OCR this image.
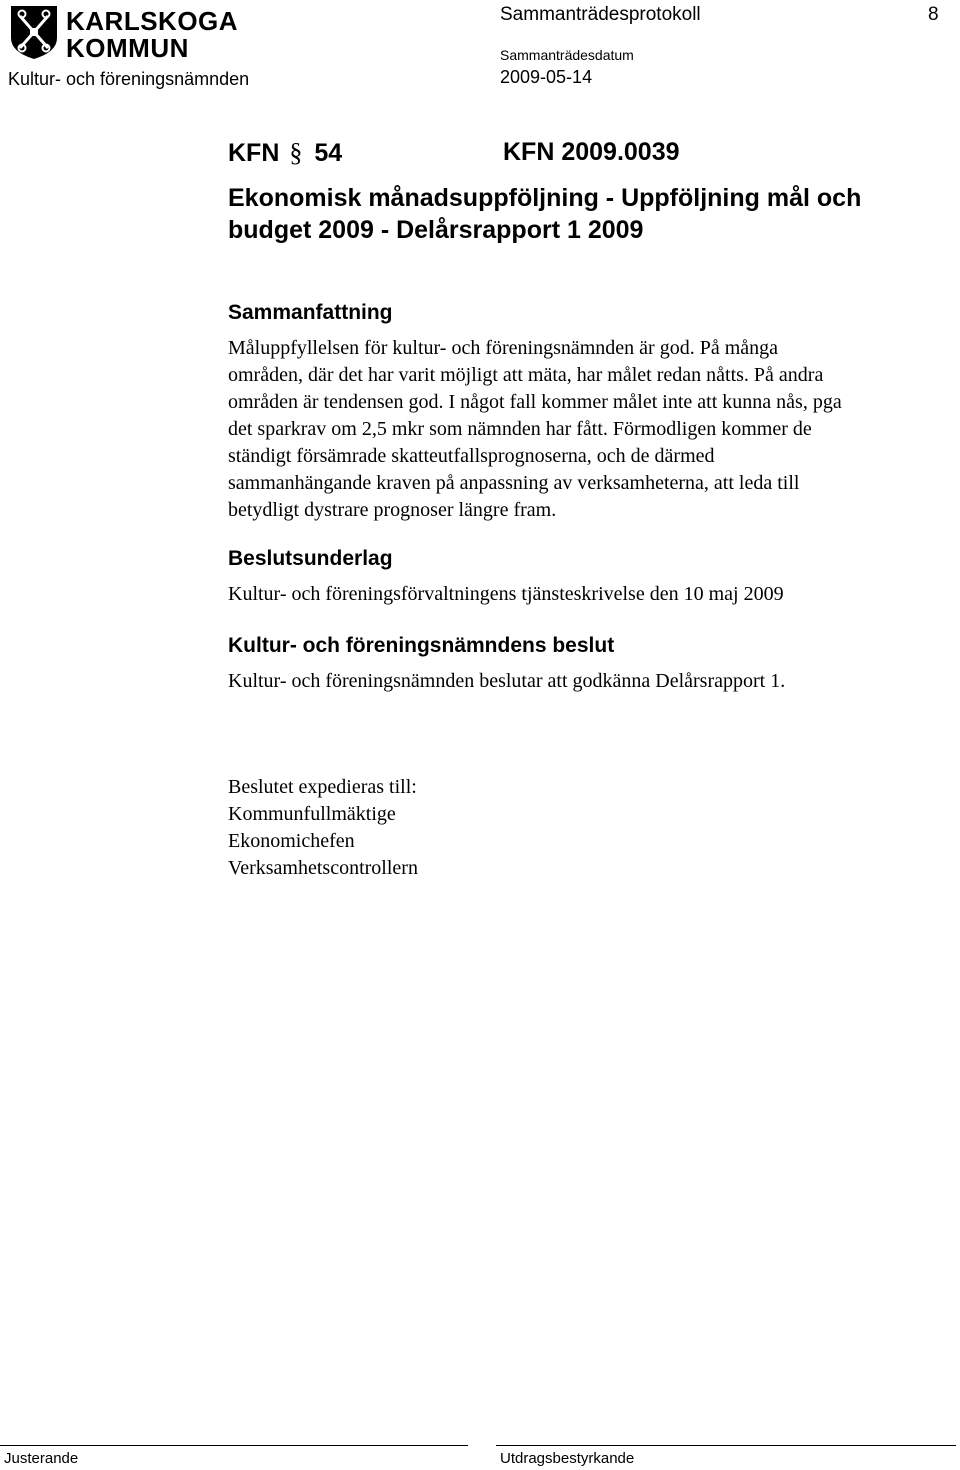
KARLSKOGA
KOMMUN
Kultur- och föreningsnämnden
Sammanträdesprotokoll	8
Sammanträdesdatum
2009-05-14
KFN § 54	KFN 2009.0039
Ekonomisk månadsuppföljning - Uppföljning mål och
budget 2009 - Delårsrapport 1 2009
Sammanfattning
Måluppfyllelsen för kultur- och föreningsnämnden är god. På många
områden, där det har varit möjligt att mäta, har målet redan nåtts. På andra
områden är tendensen god. I något fall kommer målet inte att kunna nås, pga
det sparkrav om 2,5 mkr som nämnden har fått. Förmodligen kommer de
ständigt försämrade skatteutfallsprognoserna, och de därmed
sammanhängande kraven på anpassning av verksamheterna, att leda till
betydligt dystrare prognoser längre fram.
Beslutsunderlag
Kultur- och föreningsförvaltningens tjänsteskrivelse den 10 maj 2009
Kultur- och föreningsnämndens beslut
Kultur- och föreningsnämnden beslutar att godkänna Delårsrapport 1.
Beslutet expedieras till:
Kommunfullmäktige
Ekonomichefen
Verksamhetscontrollern
Justerande	Utdragsbestyrkande
